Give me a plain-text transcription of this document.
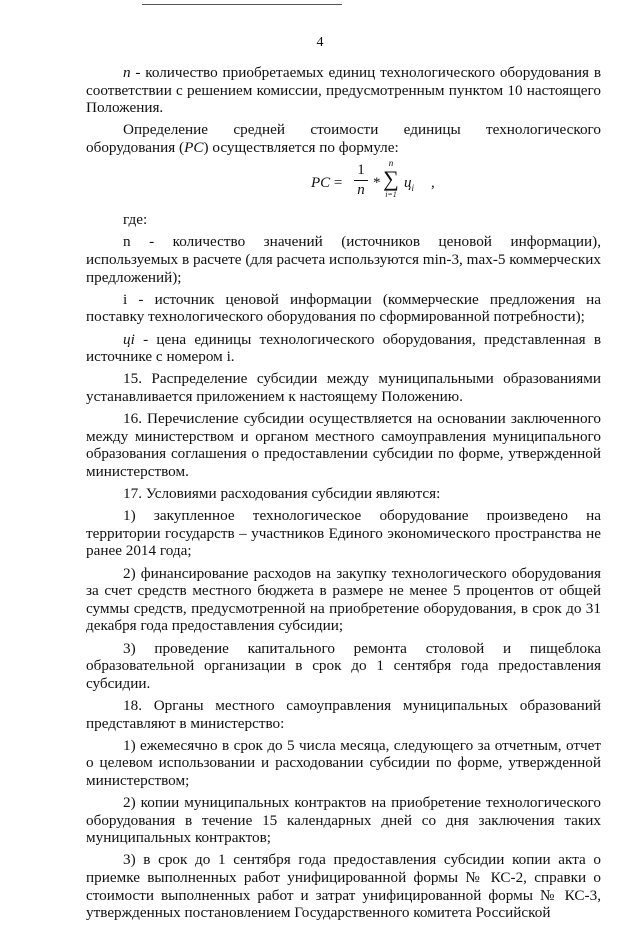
4

n - количество приобретаемых единиц технологического оборудования в соответствии с решением комиссии, предусмотренным пунктом 10 настоящего Положения.

Определение средней стоимости единицы технологического оборудования (PC) осуществляется по формуле:

PC =
1
n *
n
∑
i=1
$ц_i$ ,

где:

n - количество значений (источников ценовой информации), используемых в расчете (для расчета используются min-3, max-5 коммерческих предложений);

i - источник ценовой информации (коммерческие предложения на поставку технологического оборудования по сформированной потребности);

цi - цена единицы технологического оборудования, представленная в источнике с номером i.

15. Распределение субсидии между муниципальными образованиями устанавливается приложением к настоящему Положению.

16. Перечисление субсидии осуществляется на основании заключенного между министерством и органом местного самоуправления муниципального образования соглашения о предоставлении субсидии по форме, утвержденной министерством.

17. Условиями расходования субсидии являются:

1) закупленное технологическое оборудование произведено на территории государств – участников Единого экономического пространства не ранее 2014 года;

2) финансирование расходов на закупку технологического оборудования за счет средств местного бюджета в размере не менее 5 процентов от общей суммы средств, предусмотренной на приобретение оборудования, в срок до 31 декабря года предоставления субсидии;

3) проведение капитального ремонта столовой и пищеблока образовательной организации в срок до 1 сентября года предоставления субсидии.

18. Органы местного самоуправления муниципальных образований представляют в министерство:

1) ежемесячно в срок до 5 числа месяца, следующего за отчетным, отчет о целевом использовании и расходовании субсидии по форме, утвержденной министерством;

2) копии муниципальных контрактов на приобретение технологического оборудования в течение 15 календарных дней со дня заключения таких муниципальных контрактов;

3) в срок до 1 сентября года предоставления субсидии копии акта о приемке выполненных работ унифицированной формы № КС-2, справки о стоимости выполненных работ и затрат унифицированной формы № КС-3, утвержденных постановлением Государственного комитета Российской
